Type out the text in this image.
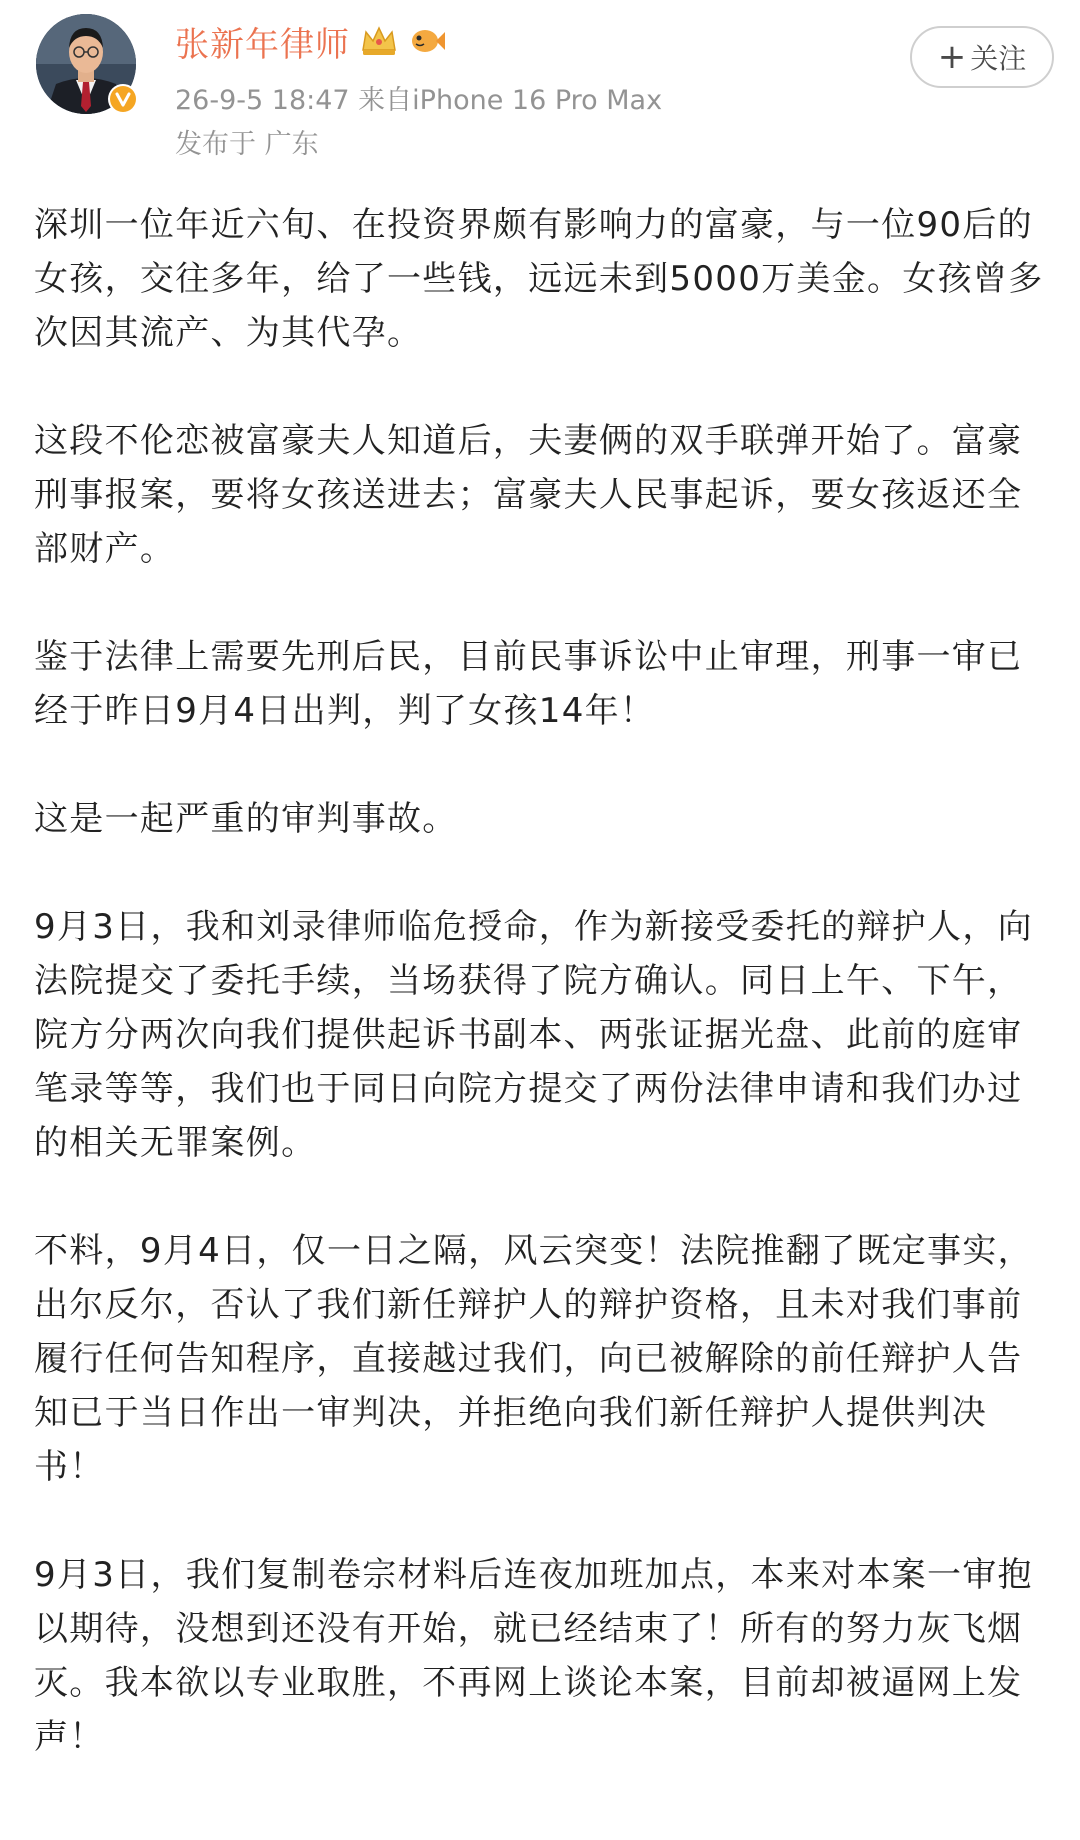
张新年律师
26-9-5 18:47 来自iPhone 16 Pro Max
发布于 广东
+ 关注

深圳一位年近六旬、在投资界颇有影响力的富豪，与一位90后的女孩，交往多年，给了一些钱，远远未到5000万美金。女孩曾多次因其流产、为其代孕。

这段不伦恋被富豪夫人知道后，夫妻俩的双手联弹开始了。富豪刑事报案，要将女孩送进去；富豪夫人民事起诉，要女孩返还全部财产。

鉴于法律上需要先刑后民，目前民事诉讼中止审理，刑事一审已经于昨日9月4日出判，判了女孩14年！

这是一起严重的审判事故。

9月3日，我和刘录律师临危授命，作为新接受委托的辩护人，向法院提交了委托手续，当场获得了院方确认。同日上午、下午，院方分两次向我们提供起诉书副本、两张证据光盘、此前的庭审笔录等等，我们也于同日向院方提交了两份法律申请和我们办过的相关无罪案例。

不料，9月4日，仅一日之隔，风云突变！法院推翻了既定事实，出尔反尔，否认了我们新任辩护人的辩护资格，且未对我们事前履行任何告知程序，直接越过我们，向已被解除的前任辩护人告知已于当日作出一审判决，并拒绝向我们新任辩护人提供判决书！

9月3日，我们复制卷宗材料后连夜加班加点，本来对本案一审抱以期待，没想到还没有开始，就已经结束了！所有的努力灰飞烟灭。我本欲以专业取胜，不再网上谈论本案，目前却被逼网上发声！
